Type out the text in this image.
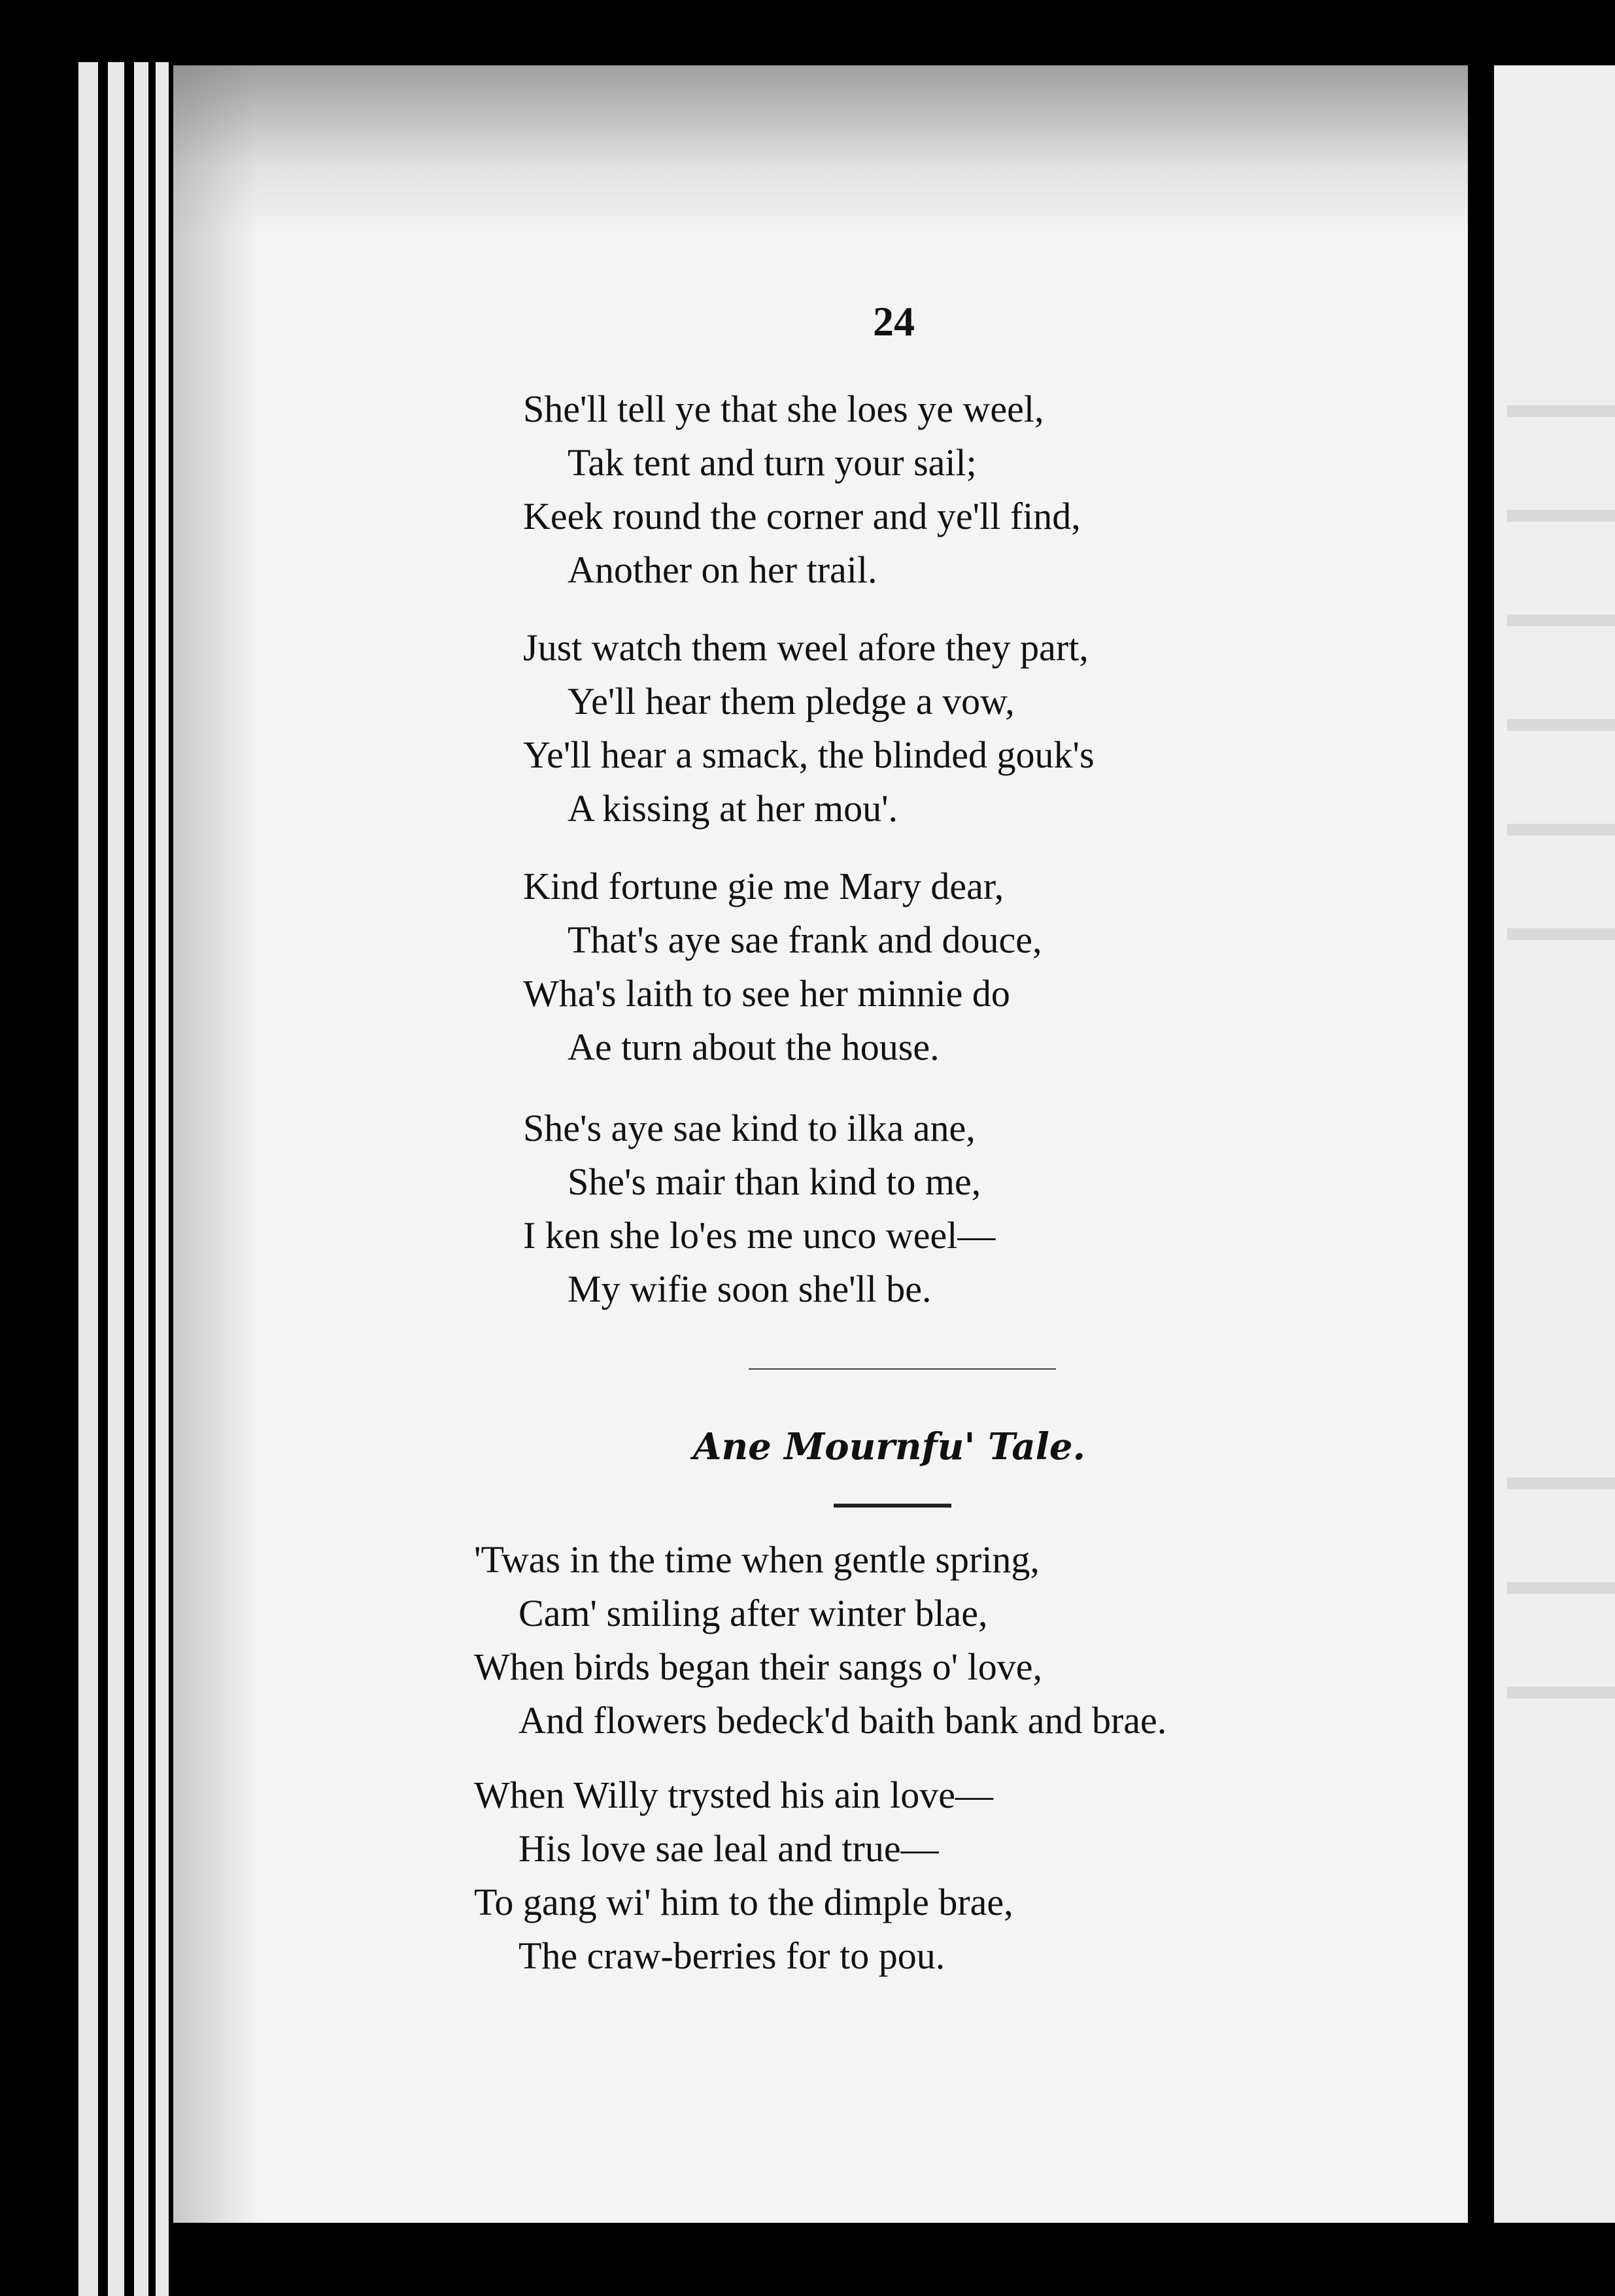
24
She'll tell ye that she loes ye weel,
Tak tent and turn your sail;
Keek round the corner and ye'll find,
Another on her trail.
Just watch them weel afore they part,
Ye'll hear them pledge a vow,
Ye'll hear a smack, the blinded gouk's
A kissing at her mou'.
Kind fortune gie me Mary dear,
That's aye sae frank and douce,
Wha's laith to see her minnie do
Ae turn about the house.
She's aye sae kind to ilka ane,
She's mair than kind to me,
I ken she lo'es me unco weel—
My wifie soon she'll be.
Ane Mournfu' Tale.
'Twas in the time when gentle spring,
Cam' smiling after winter blae,
When birds began their sangs o' love,
And flowers bedeck'd baith bank and brae.
When Willy trysted his ain love—
His love sae leal and true—
To gang wi' him to the dimple brae,
The craw-berries for to pou.
